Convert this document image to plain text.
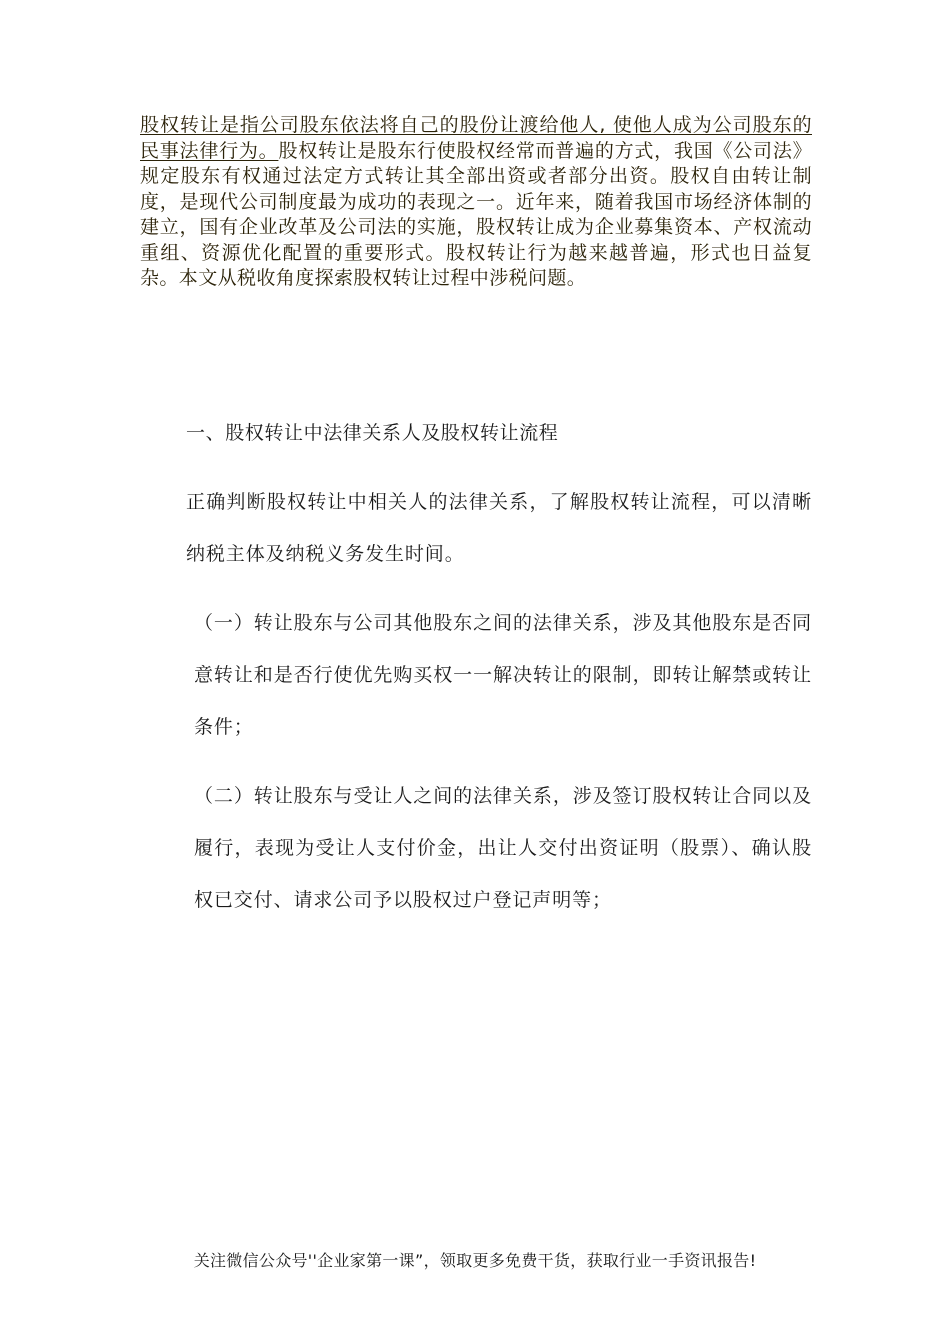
股权转让是指公司股东依法将自己的股份让渡给他人, 使他人成为公司股东的民事法律行为。股权转让是股东行使股权经常而普遍的方式，我国《公司法》规定股东有权通过法定方式转让其全部出资或者部分出资。股权自由转让制度，是现代公司制度最为成功的表现之一。近年来，随着我国市场经济体制的建立，国有企业改革及公司法的实施，股权转让成为企业募集资本、产权流动重组、资源优化配置的重要形式。股权转让行为越来越普遍，形式也日益复杂。本文从税收角度探索股权转让过程中涉税问题。
一、股权转让中法律关系人及股权转让流程
正确判断股权转让中相关人的法律关系，了解股权转让流程，可以清晰纳税主体及纳税义务发生时间。
（一）转让股东与公司其他股东之间的法律关系，涉及其他股东是否同意转让和是否行使优先购买权一一解决转让的限制，即转让解禁或转让条件；
（二）转让股东与受让人之间的法律关系，涉及签订股权转让合同以及履行，表现为受让人支付价金，出让人交付出资证明（股票）、确认股权已交付、请求公司予以股权过户登记声明等；
关注微信公众号''企业家第一课”，领取更多免费干货，获取行业一手资讯报告!
